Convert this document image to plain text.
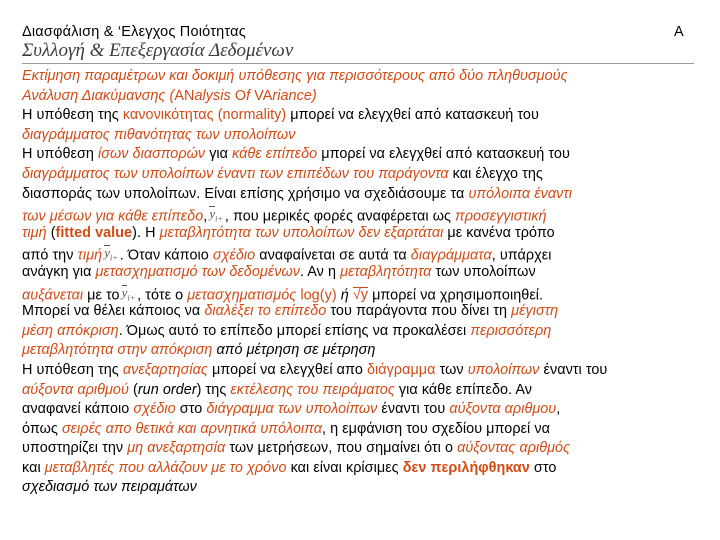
Διασφάλιση & ‘Ελεγχος Ποιότητας	A
Συλλογή & Επεξεργασία Δεδομένων
Εκτίμηση παραμέτρων και δοκιμή υπόθεσης για περισσότερους από δύο πληθυσμούς
Ανάλυση Διακύμανσης (ANalysis Of VAriance)
Η υπόθεση της κανονικότητας (normality) μπορεί να ελεγχθεί από κατασκευή του
διαγράμματος πιθανότητας των υπολοίπων
Η υπόθεση ίσων διασπορών για κάθε επίπεδο μπορεί να ελεγχθεί από κατασκευή του
διαγράμματος των υπολοίπων έναντι των επιπέδων του παράγοντα και έλεγχο της
διασποράς των υπολοίπων. Είναι επίσης χρήσιμο να σχεδιάσουμε τα υπόλοιπα έναντι
των μέσων για κάθε επίπεδο, $y_{i+}$ , που μερικές φορές αναφέρεται ως προσεγγιστική
τιμή (fitted value). Η μεταβλητότητα των υπολοίπων δεν εξαρτάται με κανένα τρόπο
από την τιμή $y_{i+}$ . Όταν κάποιο σχέδιο αναφαίνεται σε αυτά τα διαγράμματα, υπάρχει
ανάγκη για μετασχηματισμό των δεδομένων. Αν η μεταβλητότητα των υπολοίπων
αυξάνεται με το $y_{i+}$ , τότε ο μετασχηματισμός log(y) ή √y μπορεί να χρησιμοποιηθεί.
Μπορεί να θέλει κάποιος να διαλέξει το επίπεδο του παράγοντα που δίνει τη μέγιστη
μέση απόκριση. Όμως αυτό το επίπεδο μπορεί επίσης να προκαλέσει περισσότερη
μεταβλητότητα στην απόκριση από μέτρηση σε μέτρηση
Η υπόθεση της ανεξαρτησίας μπορεί να ελεγχθεί απο διάγραμμα των υπολοίπων έναντι του
αύξοντα αριθμού (run order) της εκτέλεσης του πειράματος για κάθε επίπεδο. Αν
αναφανεί κάποιο σχέδιο στο διάγραμμα των υπολοίπων έναντι του αύξοντα αριθμου,
όπως σειρές απο θετικά και αρνητικά υπόλοιπα, η εμφάνιση του σχεδίου μπορεί να
υποστηρίζει την μη ανεξαρτησία των μετρήσεων, που σημαίνει ότι ο αύξοντας αριθμός
και μεταβλητές που αλλάζουν με το χρόνο και είναι κρίσιμες δεν περιλήφθηκαν στο
σχεδιασμό των πειραμάτων
